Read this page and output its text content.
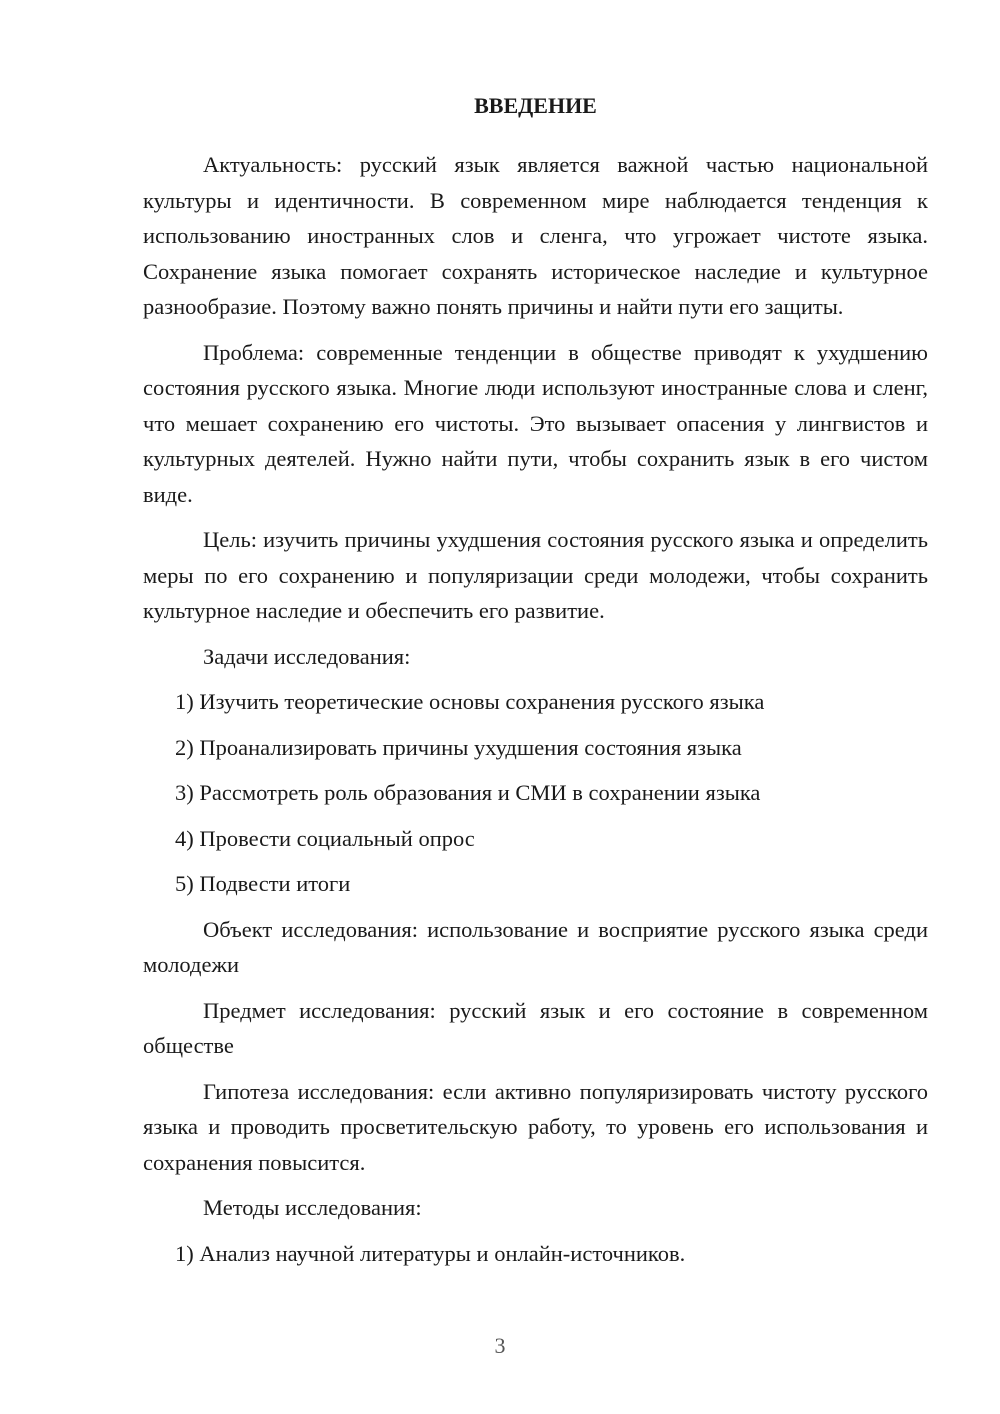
ВВЕДЕНИЕ

Актуальность: русский язык является важной частью национальной культуры и идентичности. В современном мире наблюдается тенденция к использованию иностранных слов и сленга, что угрожает чистоте языка. Сохранение языка помогает сохранять историческое наследие и культурное разнообразие. Поэтому важно понять причины и найти пути его защиты.

Проблема: современные тенденции в обществе приводят к ухудшению состояния русского языка. Многие люди используют иностранные слова и сленг, что мешает сохранению его чистоты. Это вызывает опасения у лингвистов и культурных деятелей. Нужно найти пути, чтобы сохранить язык в его чистом виде.

Цель: изучить причины ухудшения состояния русского языка и определить меры по его сохранению и популяризации среди молодежи, чтобы сохранить культурное наследие и обеспечить его развитие.

Задачи исследования:

1) Изучить теоретические основы сохранения русского языка
2) Проанализировать причины ухудшения состояния языка
3) Рассмотреть роль образования и СМИ в сохранении языка
4) Провести социальный опрос
5) Подвести итоги

Объект исследования: использование и восприятие русского языка среди молодежи

Предмет исследования: русский язык и его состояние в современном обществе

Гипотеза исследования: если активно популяризировать чистоту русского языка и проводить просветительскую работу, то уровень его использования и сохранения повысится.

Методы исследования:

1) Анализ научной литературы и онлайн-источников.
3
